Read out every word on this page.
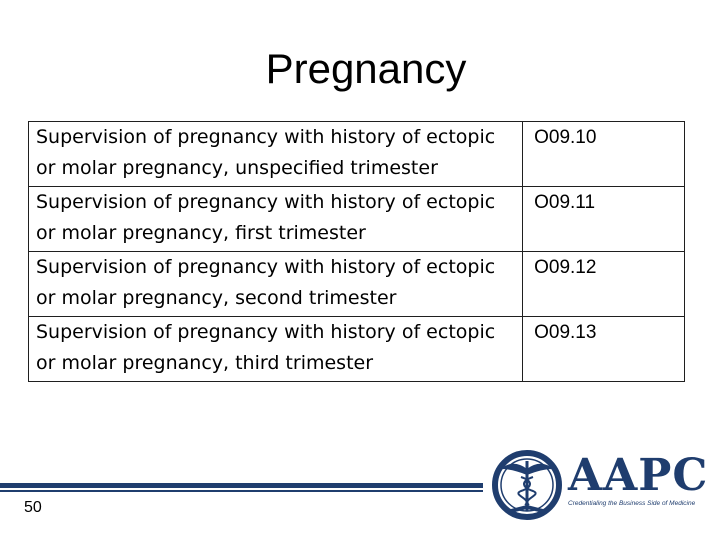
Pregnancy
Supervision of pregnancy with history of ectopic
or molar pregnancy, unspecified trimester	O09.10

Supervision of pregnancy with history of ectopic
or molar pregnancy, first trimester	O09.11

Supervision of pregnancy with history of ectopic
or molar pregnancy, second trimester	O09.12

Supervision of pregnancy with history of ectopic
or molar pregnancy, third trimester	O09.13
50
AAPC
Credentialing the Business Side of Medicine
